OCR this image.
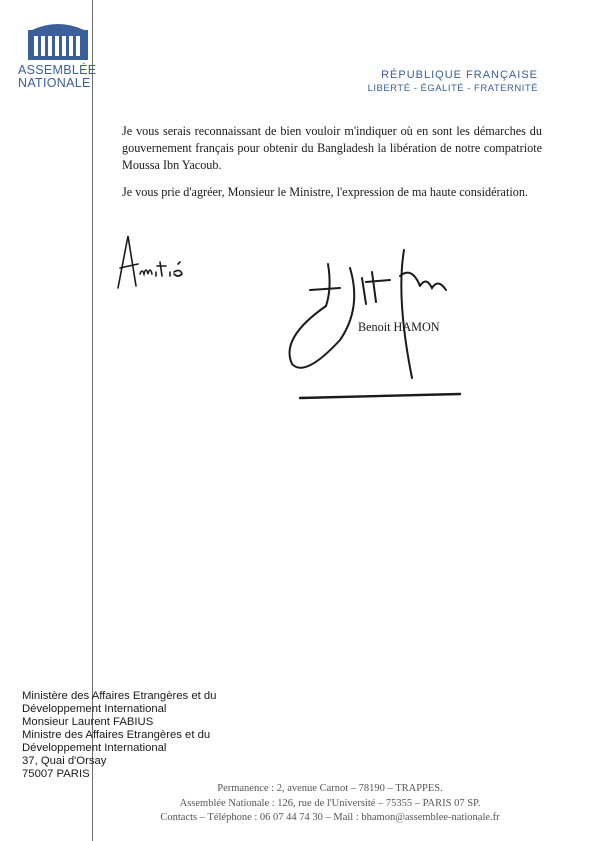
ASSEMBLÉE
NATIONALE
RÉPUBLIQUE FRANÇAISE
LIBERTÉ - ÉGALITÉ - FRATERNITÉ

Je vous serais reconnaissant de bien vouloir m'indiquer où en sont les démarches du gouvernement français pour obtenir du Bangladesh la libération de notre compatriote Moussa Ibn Yacoub.

Je vous prie d'agréer, Monsieur le Ministre, l'expression de ma haute considération.

Benoit HAMON
Ministère des Affaires Etrangères et du
Développement International
Monsieur Laurent FABIUS
Ministre des Affaires Etrangères et du
Développement International
37, Quai d'Orsay
75007 PARIS
Permanence : 2, avenue Carnot – 78190 – TRAPPES.
Assemblée Nationale : 126, rue de l'Université – 75355 – PARIS 07 SP.
Contacts – Téléphone : 06 07 44 74 30 – Mail : bhamon@assemblee-nationale.fr
